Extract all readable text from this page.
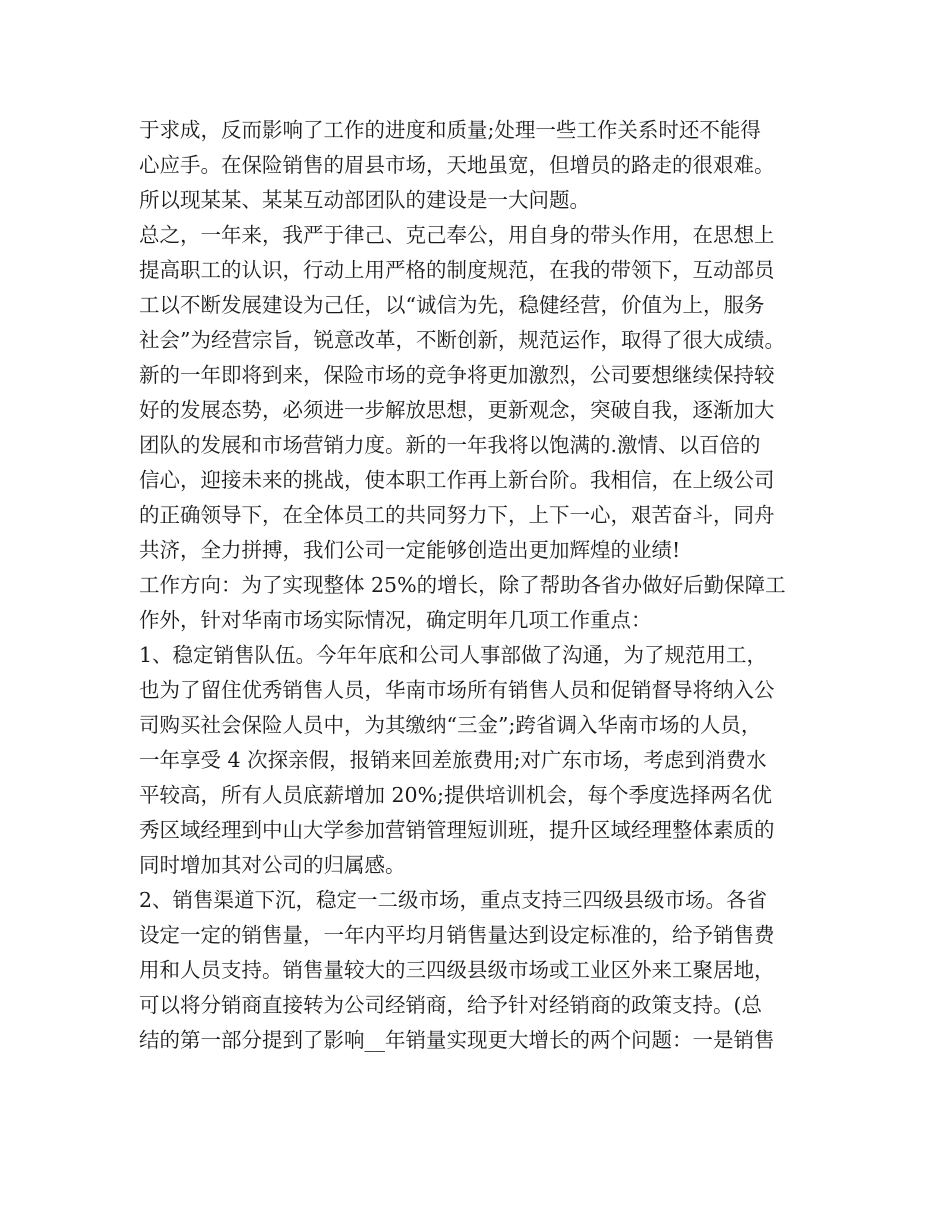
于求成，反而影响了工作的进度和质量;处理一些工作关系时还不能得
心应手。在保险销售的眉县市场，天地虽宽，但增员的路走的很艰难。
所以现某某、某某互动部团队的建设是一大问题。
总之，一年来，我严于律己、克己奉公，用自身的带头作用，在思想上
提高职工的认识，行动上用严格的制度规范，在我的带领下，互动部员
工以不断发展建设为己任，以“诚信为先，稳健经营，价值为上，服务
社会”为经营宗旨，锐意改革，不断创新，规范运作，取得了很大成绩。
新的一年即将到来，保险市场的竞争将更加激烈，公司要想继续保持较
好的发展态势，必须进一步解放思想，更新观念，突破自我，逐渐加大
团队的发展和市场营销力度。新的一年我将以饱满的.激情、以百倍的
信心，迎接未来的挑战，使本职工作再上新台阶。我相信，在上级公司
的正确领导下，在全体员工的共同努力下，上下一心，艰苦奋斗，同舟
共济，全力拼搏，我们公司一定能够创造出更加辉煌的业绩!
工作方向：为了实现整体 25%的增长，除了帮助各省办做好后勤保障工
作外，针对华南市场实际情况，确定明年几项工作重点：
1、稳定销售队伍。今年年底和公司人事部做了沟通，为了规范用工，
也为了留住优秀销售人员，华南市场所有销售人员和促销督导将纳入公
司购买社会保险人员中，为其缴纳“三金”;跨省调入华南市场的人员，
一年享受 4 次探亲假，报销来回差旅费用;对广东市场，考虑到消费水
平较高，所有人员底薪增加 20%;提供培训机会，每个季度选择两名优
秀区域经理到中山大学参加营销管理短训班，提升区域经理整体素质的
同时增加其对公司的归属感。
2、销售渠道下沉，稳定一二级市场，重点支持三四级县级市场。各省
设定一定的销售量，一年内平均月销售量达到设定标准的，给予销售费
用和人员支持。销售量较大的三四级县级市场或工业区外来工聚居地，
可以将分销商直接转为公司经销商，给予针对经销商的政策支持。(总
结的第一部分提到了影响__年销量实现更大增长的两个问题：一是销售
